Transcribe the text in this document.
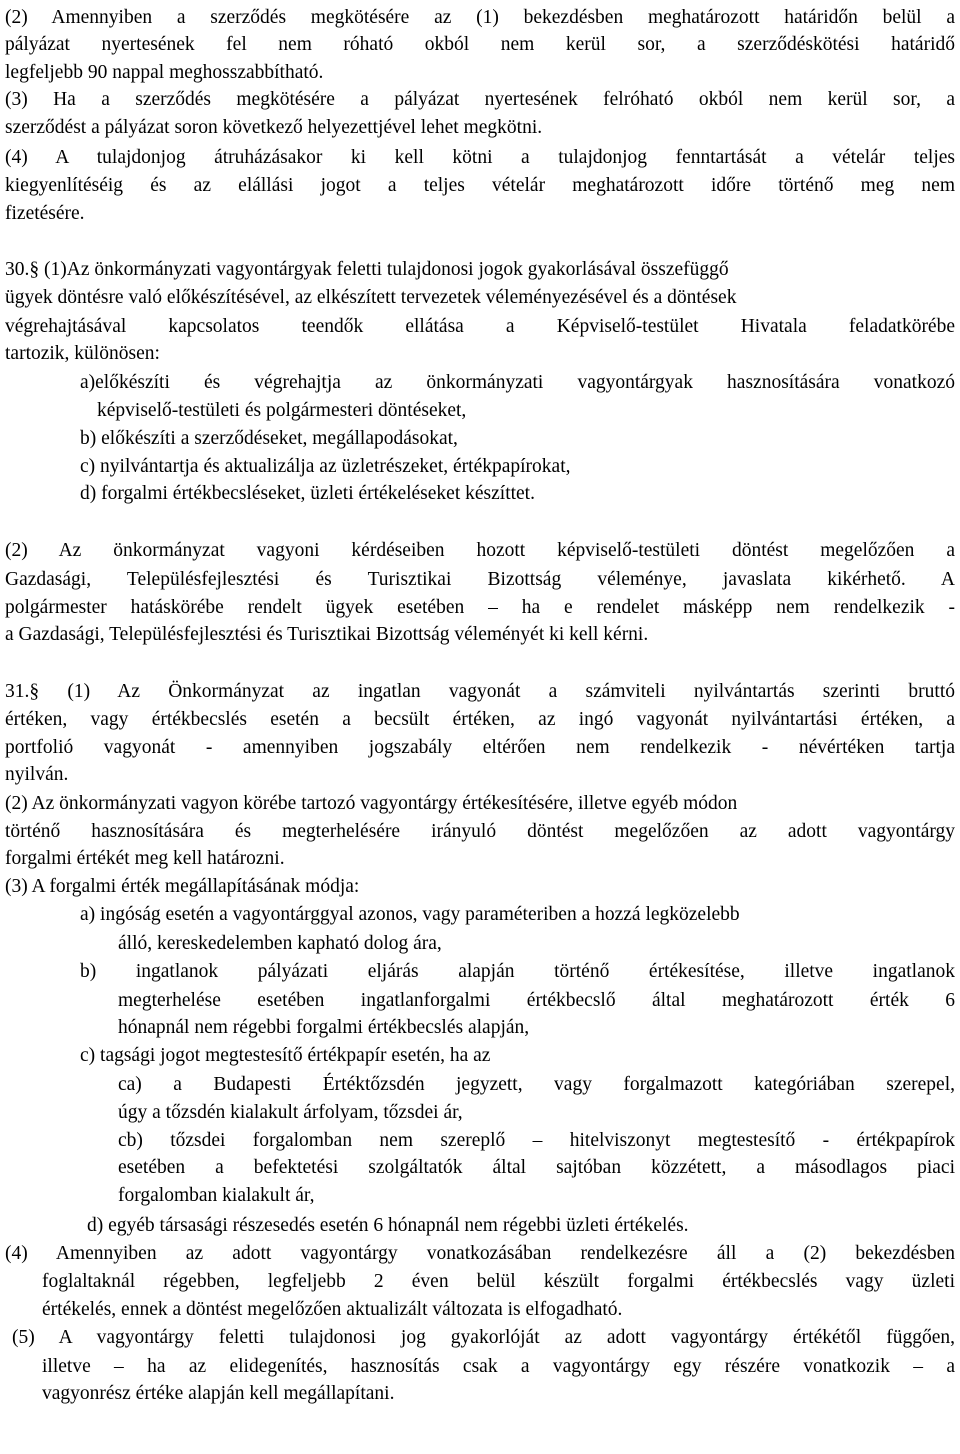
(2) Amennyiben a szerződés megkötésére az (1) bekezdésben meghatározott határidőn belül a
pályázat nyertesének fel nem róható okból nem kerül sor, a szerződéskötési határidő
legfeljebb 90 nappal meghosszabbítható.
(3) Ha a szerződés megkötésére a pályázat nyertesének felróható okból nem kerül sor, a
szerződést a pályázat soron következő helyezettjével lehet megkötni.
(4) A tulajdonjog átruházásakor ki kell kötni a tulajdonjog fenntartását a vételár teljes
kiegyenlítéséig és az elállási jogot a teljes vételár meghatározott időre történő meg nem
fizetésére.
30.§ (1)Az önkormányzati vagyontárgyak feletti tulajdonosi jogok gyakorlásával összefüggő
ügyek döntésre való előkészítésével, az elkészített tervezetek véleményezésével és a döntések
végrehajtásával kapcsolatos teendők ellátása a Képviselő-testület Hivatala feladatkörébe
tartozik, különösen:
a)előkészíti és végrehajtja az önkormányzati vagyontárgyak hasznosítására vonatkozó
képviselő-testületi és polgármesteri döntéseket,
b) előkészíti a szerződéseket, megállapodásokat,
c) nyilvántartja és aktualizálja az üzletrészeket, értékpapírokat,
d) forgalmi értékbecsléseket, üzleti értékeléseket készíttet.
(2) Az önkormányzat vagyoni kérdéseiben hozott képviselő-testületi döntést megelőzően a
Gazdasági, Településfejlesztési és Turisztikai Bizottság véleménye, javaslata kikérhető. A
polgármester hatáskörébe rendelt ügyek esetében – ha e rendelet másképp nem rendelkezik -
a Gazdasági, Településfejlesztési és Turisztikai Bizottság véleményét ki kell kérni.
31.§ (1) Az Önkormányzat az ingatlan vagyonát a számviteli nyilvántartás szerinti bruttó
értéken, vagy értékbecslés esetén a becsült értéken, az ingó vagyonát nyilvántartási értéken, a
portfolió vagyonát - amennyiben jogszabály eltérően nem rendelkezik - névértéken tartja
nyilván.
(2) Az önkormányzati vagyon körébe tartozó vagyontárgy értékesítésére, illetve egyéb módon
történő hasznosítására és megterhelésére irányuló döntést megelőzően az adott vagyontárgy
forgalmi értékét meg kell határozni.
(3) A forgalmi érték megállapításának módja:
a) ingóság esetén a vagyontárggyal azonos, vagy paraméteriben a hozzá legközelebb
álló, kereskedelemben kapható dolog ára,
b) ingatlanok pályázati eljárás alapján történő értékesítése, illetve ingatlanok
megterhelése esetében ingatlanforgalmi értékbecslő által meghatározott érték 6
hónapnál nem régebbi forgalmi értékbecslés alapján,
c) tagsági jogot megtestesítő értékpapír esetén, ha az
ca) a Budapesti Értéktőzsdén jegyzett, vagy forgalmazott kategóriában szerepel,
úgy a tőzsdén kialakult árfolyam, tőzsdei ár,
cb) tőzsdei forgalomban nem szereplő – hitelviszonyt megtestesítő - értékpapírok
esetében a befektetési szolgáltatók által sajtóban közzétett, a másodlagos piaci
forgalomban kialakult ár,
d) egyéb társasági részesedés esetén 6 hónapnál nem régebbi üzleti értékelés.
(4) Amennyiben az adott vagyontárgy vonatkozásában rendelkezésre áll a (2) bekezdésben
foglaltaknál régebben, legfeljebb 2 éven belül készült forgalmi értékbecslés vagy üzleti
értékelés, ennek a döntést megelőzően aktualizált változata is elfogadható.
(5) A vagyontárgy feletti tulajdonosi jog gyakorlóját az adott vagyontárgy értékétől függően,
illetve – ha az elidegenítés, hasznosítás csak a vagyontárgy egy részére vonatkozik – a
vagyonrész értéke alapján kell megállapítani.
